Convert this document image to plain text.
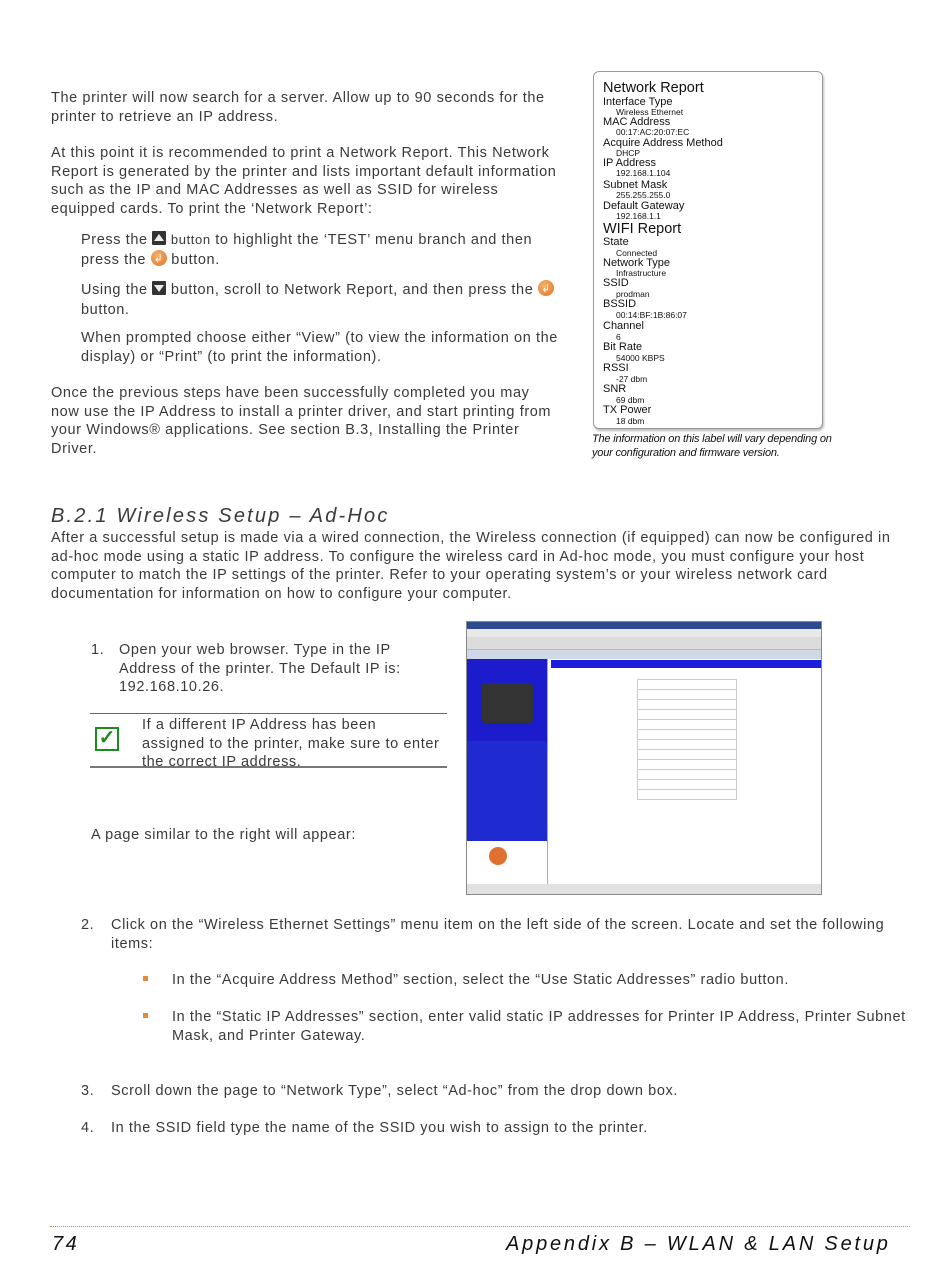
The printer will now search for a server. Allow up to 90 seconds for the printer to retrieve an IP address.

At this point it is recommended to print a Network Report. This Network Report is generated by the printer and lists important default information such as the IP and MAC Addresses as well as SSID for wireless equipped cards. To print the ‘Network Report’:

Press the  button to highlight the ‘TEST’ menu branch and then press the ↲ button.

Using the  button, scroll to Network Report, and then press the ↲ button.

When prompted choose either “View” (to view the information on the display) or “Print” (to print the information).

Once the previous steps have been successfully completed you may now use the IP Address to install a printer driver, and start printing from your Windows® applications. See section B.3, Installing the Printer Driver.

Network Report
Interface Type
Wireless Ethernet
MAC Address
00:17:AC:20:07:EC
Acquire Address Method
DHCP
IP Address
192.168.1.104
Subnet Mask
255.255.255.0
Default Gateway
192.168.1.1
WIFI Report
State
Connected
Network Type
Infrastructure
SSID
prodman
BSSID
00:14:BF:1B:86:07
Channel
6
Bit Rate
54000 KBPS
RSSI
-27 dbm
SNR
69 dbm
TX Power
18 dbm
The information on this label will vary depending on your configuration and firmware version.
B.2.1 Wireless Setup – Ad-Hoc

After a successful setup is made via a wired connection, the Wireless connection (if equipped) can now be configured in ad-hoc mode using a static IP address. To configure the wireless card in Ad-hoc mode, you must configure your host computer to match the IP settings of the printer. Refer to your operating system’s or your wireless network card documentation for information on how to configure your computer.

1. Open your web browser. Type in the IP Address of the printer. The Default IP is: 192.168.10.26.

✓

If a different IP Address has been assigned to the printer, make sure to enter the correct IP address.

A page similar to the right will appear:

2. Click on the “Wireless Ethernet Settings” menu item on the left side of the screen. Locate and set the following items:

In the “Acquire Address Method” section, select the “Use Static Addresses” radio button.

In the “Static IP Addresses” section, enter valid static IP addresses for Printer IP Address, Printer Subnet Mask, and Printer Gateway.

3. Scroll down the page to “Network Type”, select “Ad-hoc” from the drop down box.

4. In the SSID field type the name of the SSID you wish to assign to the printer.

74	Appendix B – WLAN & LAN Setup
